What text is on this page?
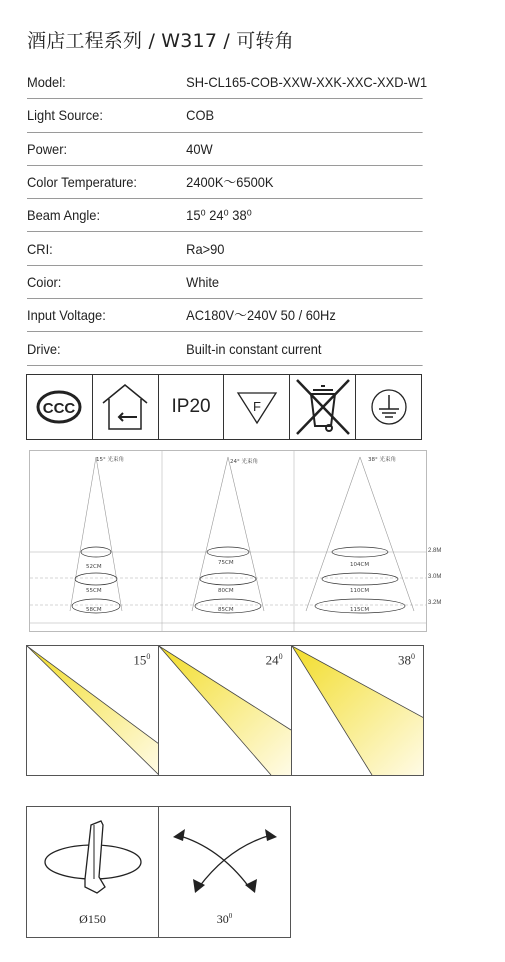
酒店工程系列 / W317 / 可转角
Model:	SH-CL165-COB-XXW-XXK-XXC-XXD-W1
Light Source:	COB
Power:	40W
Color Temperature:	2400K～6500K
Beam Angle:	15⁰ 24⁰ 38⁰
CRI:	Ra>90
Coior:	White
Input Voltage:	AC180V～240V 50 / 60Hz
Drive:	Built-in constant current
CCC	IP20	F
15° 光束角
52CM
55CM
58CM
24° 光束角
75CM
80CM
85CM
38° 光束角
104CM
110CM
115CM
2.8M
3.0M
3.2M
$15^0$	$24^0$	$38^0$
Ø150	$30^0$
